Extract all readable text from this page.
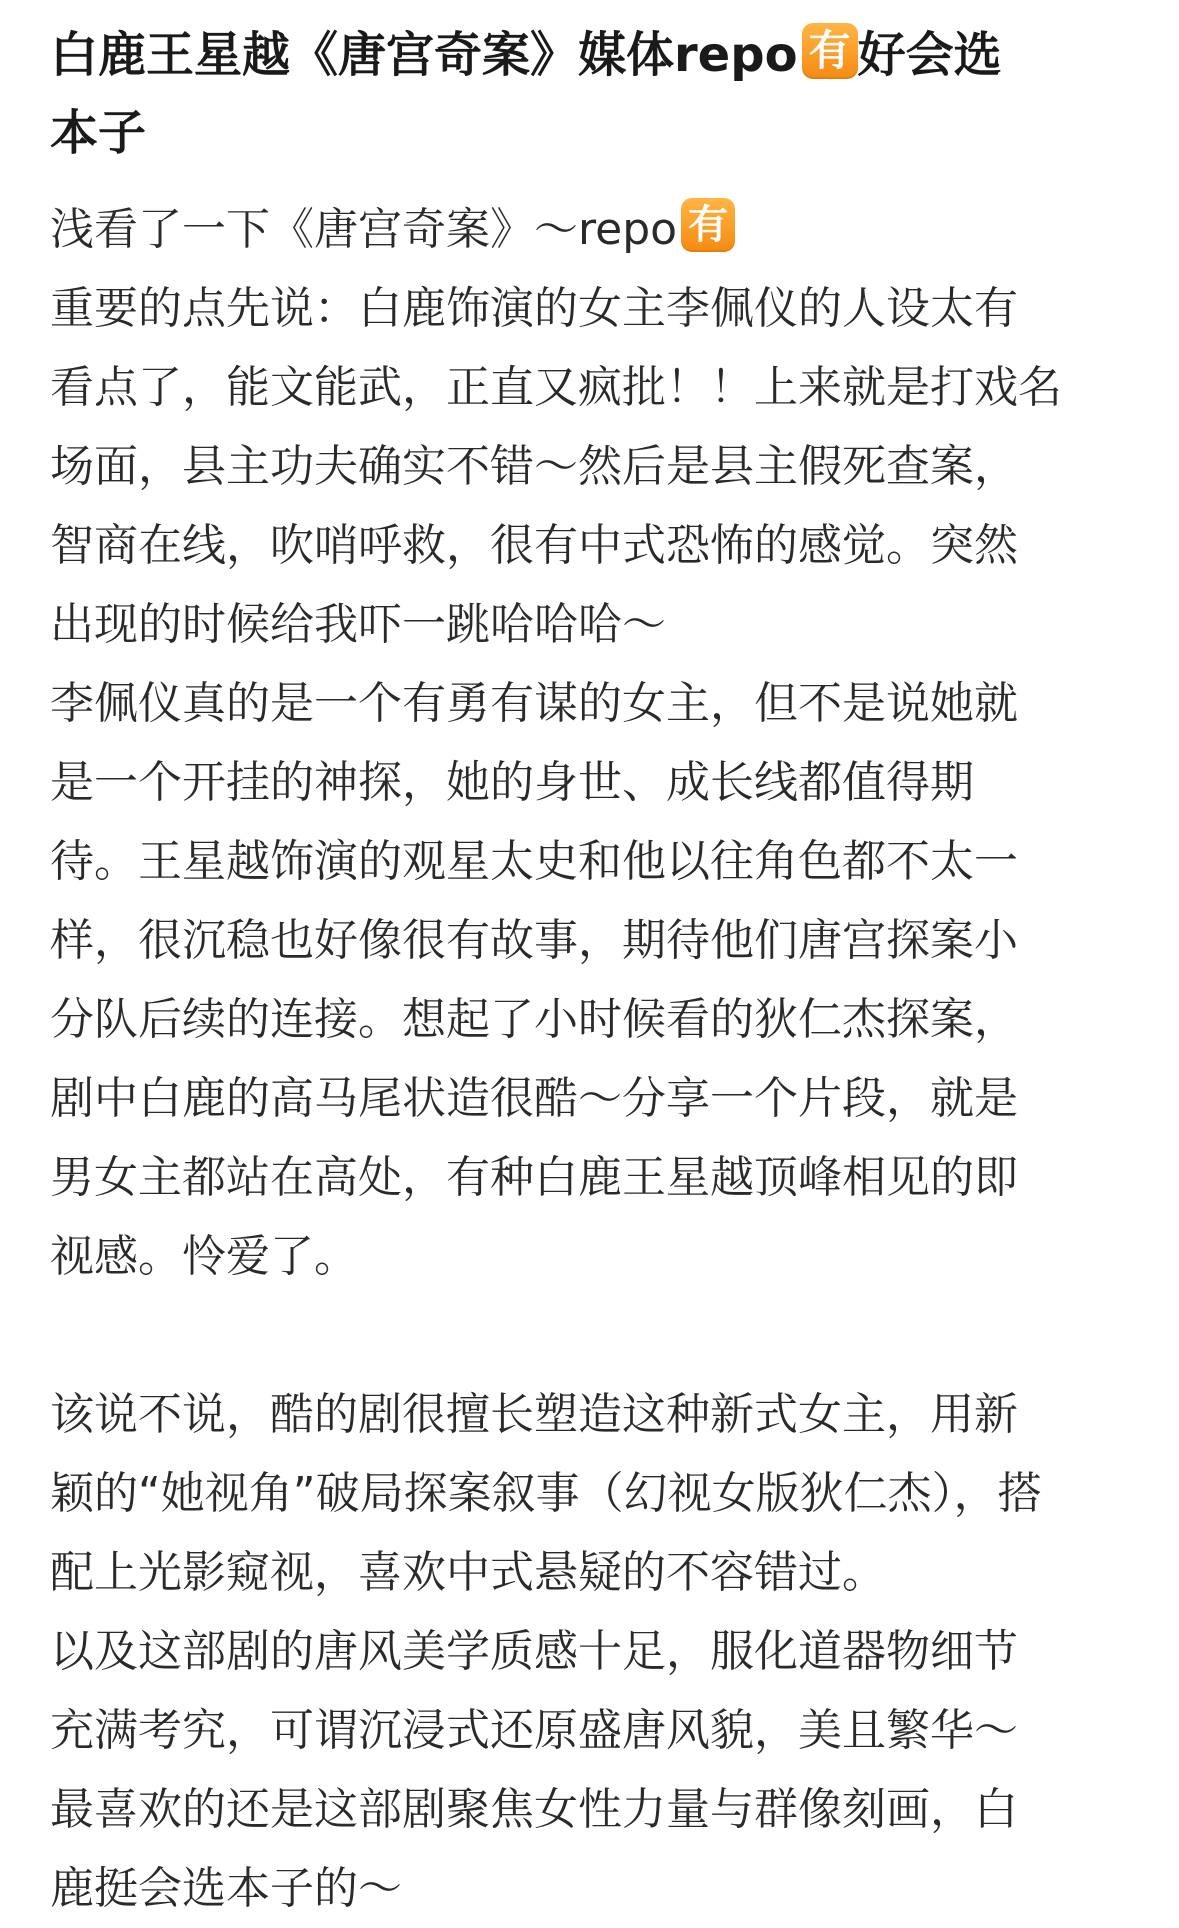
白鹿王星越《唐宫奇案》媒体repo 有 好会选
本子
浅看了一下《唐宫奇案》～repo 有
重要的点先说：白鹿饰演的女主李佩仪的人设太有
看点了，能文能武，正直又疯批！！上来就是打戏名
场面，县主功夫确实不错～然后是县主假死查案，
智商在线，吹哨呼救，很有中式恐怖的感觉。突然
出现的时候给我吓一跳哈哈哈～
李佩仪真的是一个有勇有谋的女主，但不是说她就
是一个开挂的神探，她的身世、成长线都值得期
待。王星越饰演的观星太史和他以往角色都不太一
样，很沉稳也好像很有故事，期待他们唐宫探案小
分队后续的连接。想起了小时候看的狄仁杰探案，
剧中白鹿的高马尾状造很酷～分享一个片段，就是
男女主都站在高处，有种白鹿王星越顶峰相见的即
视感。怜爱了。
该说不说，酷的剧很擅长塑造这种新式女主，用新
颖的“她视角”破局探案叙事（幻视女版狄仁杰），搭
配上光影窥视，喜欢中式悬疑的不容错过。
以及这部剧的唐风美学质感十足，服化道器物细节
充满考究，可谓沉浸式还原盛唐风貌，美且繁华～
最喜欢的还是这部剧聚焦女性力量与群像刻画，白
鹿挺会选本子的～
